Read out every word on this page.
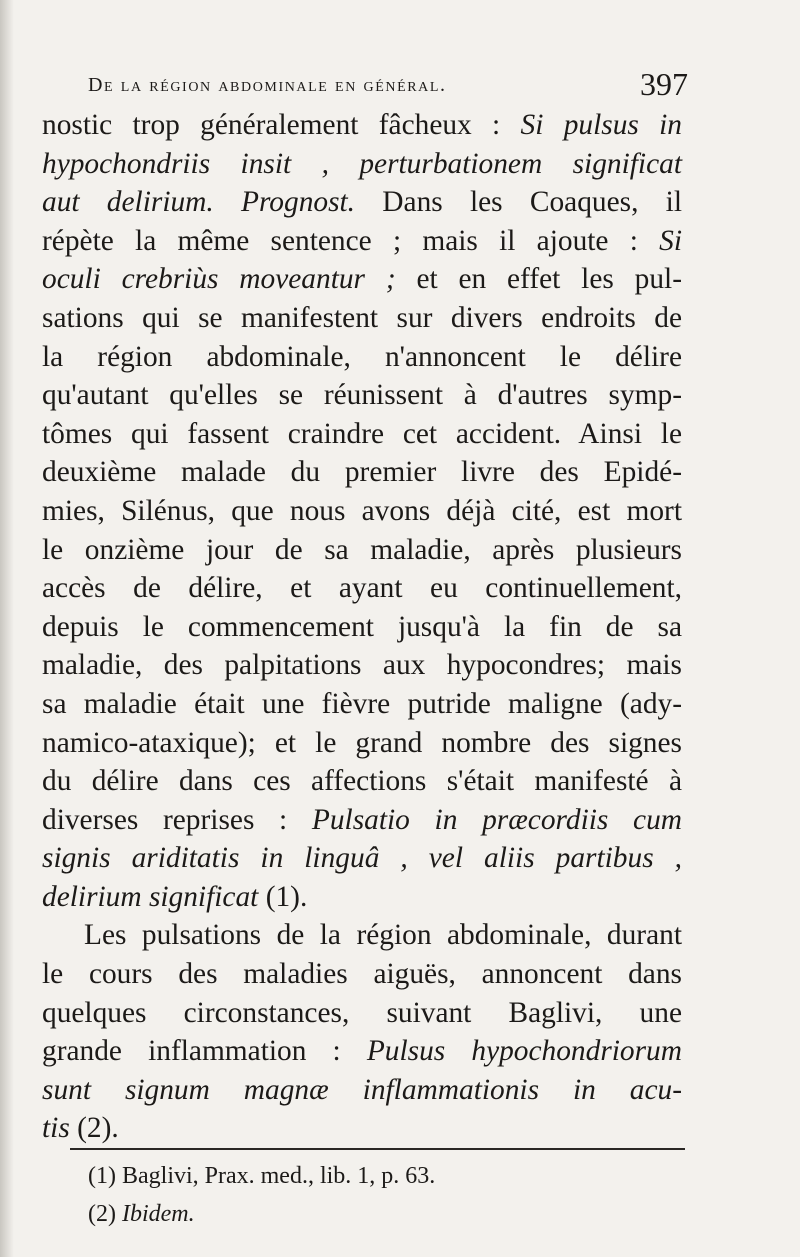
De la région abdominale en général.	397
nostic trop généralement fâcheux : Si pulsus in
hypochondriis insit , perturbationem significat
aut delirium. Prognost. Dans les Coaques, il
répète la même sentence ; mais il ajoute : Si
oculi crebriùs moveantur ; et en effet les pul-
sations qui se manifestent sur divers endroits de
la région abdominale, n'annoncent le délire
qu'autant qu'elles se réunissent à d'autres symp-
tômes qui fassent craindre cet accident. Ainsi le
deuxième malade du premier livre des Epidé-
mies, Silénus, que nous avons déjà cité, est mort
le onzième jour de sa maladie, après plusieurs
accès de délire, et ayant eu continuellement,
depuis le commencement jusqu'à la fin de sa
maladie, des palpitations aux hypocondres; mais
sa maladie était une fièvre putride maligne (ady-
namico-ataxique); et le grand nombre des signes
du délire dans ces affections s'était manifesté à
diverses reprises : Pulsatio in præcordiis cum
signis ariditatis in linguâ , vel aliis partibus ,
delirium significat (1).
Les pulsations de la région abdominale, durant
le cours des maladies aiguës, annoncent dans
quelques circonstances, suivant Baglivi, une
grande inflammation : Pulsus hypochondriorum
sunt signum magnæ inflammationis in acu-
tis (2).
(1) Baglivi, Prax. med., lib. 1, p. 63.
(2) Ibidem.
